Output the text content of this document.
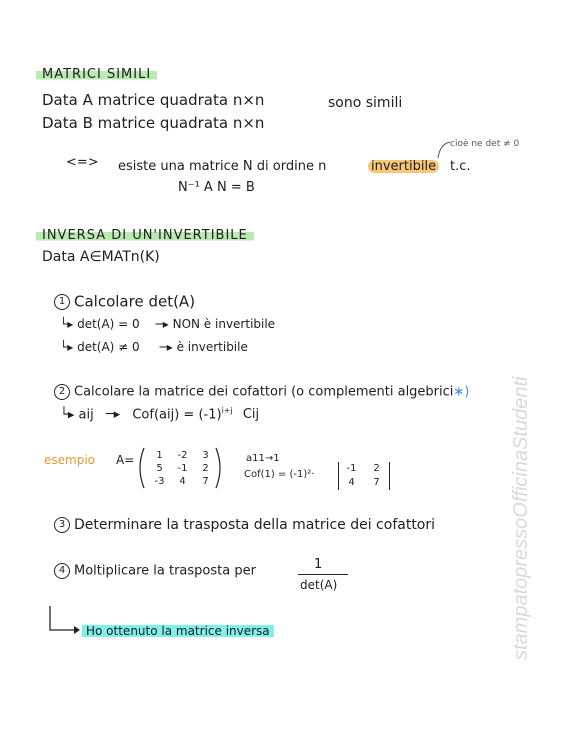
MATRICI SIMILI
Data A matrice quadrata n×n
Data B matrice quadrata n×n
sono simili
cioè ne det ≠ 0
<=> esiste una matrice N di ordine n	invertibile t.c.
N⁻¹ A N = B
INVERSA DI UN'INVERTIBILE
Data A∈MATn(K)
1 Calcolare det(A)
└▸ det(A) = 0 ─▸ NON è invertibile
└▸ det(A) ≠ 0 ─▸ è invertibile
2 Calcolare la matrice dei cofattori (o complementi algebrici∗)
└▸ aij ─▸ $Cof(aij) = (-1)^{i+j}$ Cij
esempio A=	1	-2	3
5	-1	2
-3	4	7
a11→1
Cof(1) = (-1)²·
-1	2
4	7
3 Determinare la trasposta della matrice dei cofattori
4 Moltiplicare la trasposta per	1
det(A)
Ho ottenuto la matrice inversa	stampatopressoOfficinaStudenti
